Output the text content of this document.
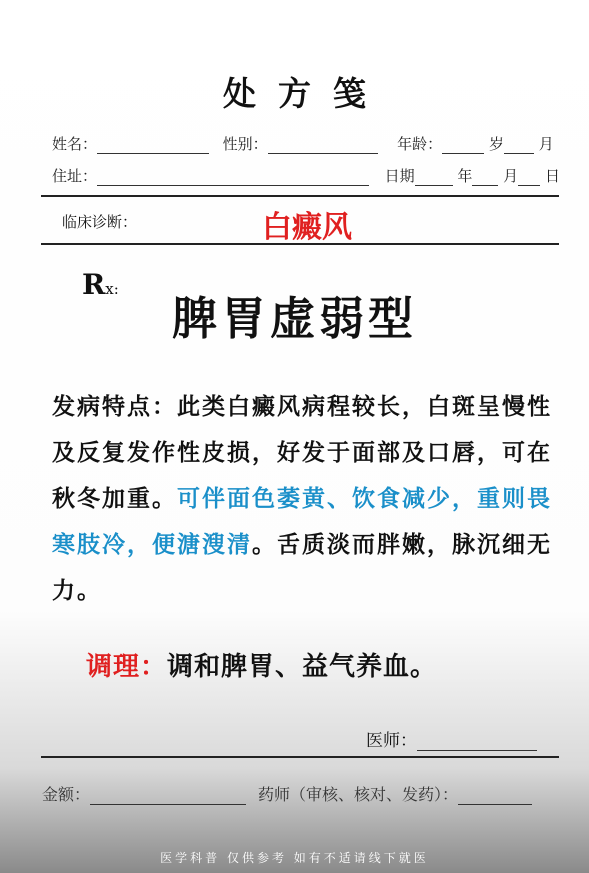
处方笺
姓名：	性别：	年龄：	岁 月
住址：	日期	年 月 日
临床诊断：	白癜风
Rx:
脾胃虚弱型
发病特点：此类白癜风病程较长，白斑呈慢性及反复发作性皮损，好发于面部及口唇，可在秋冬加重。可伴面色萎黄、饮食减少，重则畏寒肢冷，便溏溲清。舌质淡而胖嫩，脉沉细无力。
调理：调和脾胃、益气养血。
医师：
金额：	药师（审核、核对、发药）：
医学科普 仅供参考 如有不适请线下就医
